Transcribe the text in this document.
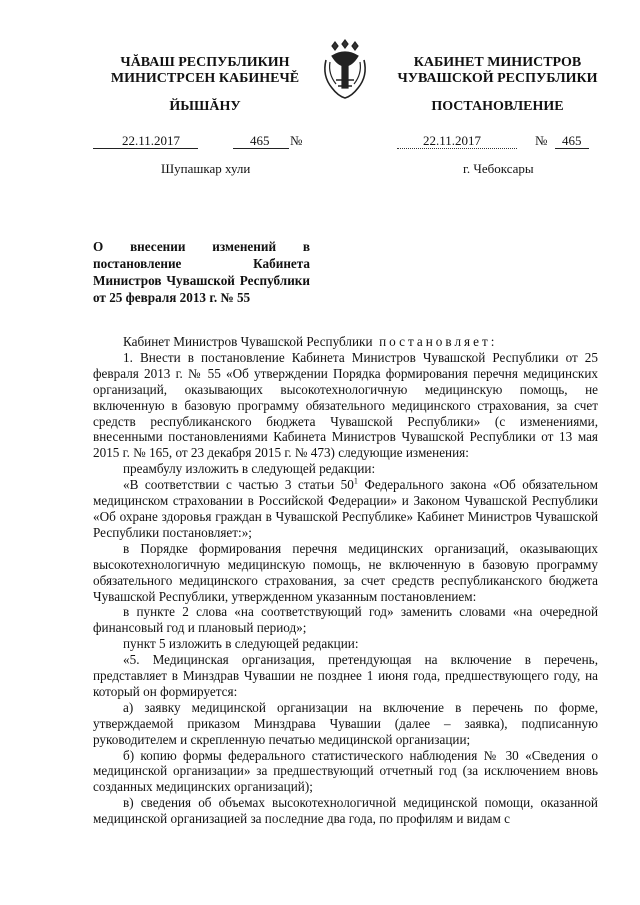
ЧĂВАШ РЕСПУБЛИКИН
МИНИСТРСЕН КАБИНЕЧĚ
ЙЫШĂНУ
КАБИНЕТ МИНИСТРОВ
ЧУВАШСКОЙ РЕСПУБЛИКИ
ПОСТАНОВЛЕНИЕ
22.11.2017	465 №	22.11.2017	№ 465
Шупашкар хули	г. Чебоксары
О внесении изменений в постановление Кабинета Министров Чувашской Республики от 25 февраля 2013 г. № 55

Кабинет Министров Чувашской Республики постановляет:

1. Внести в постановление Кабинета Министров Чувашской Республики от 25 февраля 2013 г. № 55 «Об утверждении Порядка формирования перечня медицинских организаций, оказывающих высокотехнологичную медицинскую помощь, не включенную в базовую программу обязательного медицинского страхования, за счет средств республиканского бюджета Чувашской Республики» (с изменениями, внесенными постановлениями Кабинета Министров Чувашской Республики от 13 мая 2015 г. № 165, от 23 декабря 2015 г. № 473) следующие изменения:

преамбулу изложить в следующей редакции:

«В соответствии с частью 3 статьи $50^1$ Федерального закона «Об обязательном медицинском страховании в Российской Федерации» и Законом Чувашской Республики «Об охране здоровья граждан в Чувашской Республике» Кабинет Министров Чувашской Республики постановляет:»;

в Порядке формирования перечня медицинских организаций, оказывающих высокотехнологичную медицинскую помощь, не включенную в базовую программу обязательного медицинского страхования, за счет средств республиканского бюджета Чувашской Республики, утвержденном указанным постановлением:

в пункте 2 слова «на соответствующий год» заменить словами «на очередной финансовый год и плановый период»;

пункт 5 изложить в следующей редакции:

«5. Медицинская организация, претендующая на включение в перечень, представляет в Минздрав Чувашии не позднее 1 июня года, предшествующего году, на который он формируется:

а) заявку медицинской организации на включение в перечень по форме, утверждаемой приказом Минздрава Чувашии (далее – заявка), подписанную руководителем и скрепленную печатью медицинской организации;

б) копию формы федерального статистического наблюдения № 30 «Сведения о медицинской организации» за предшествующий отчетный год (за исключением вновь созданных медицинских организаций);

в) сведения об объемах высокотехнологичной медицинской помощи, оказанной медицинской организацией за последние два года, по профилям и видам с
